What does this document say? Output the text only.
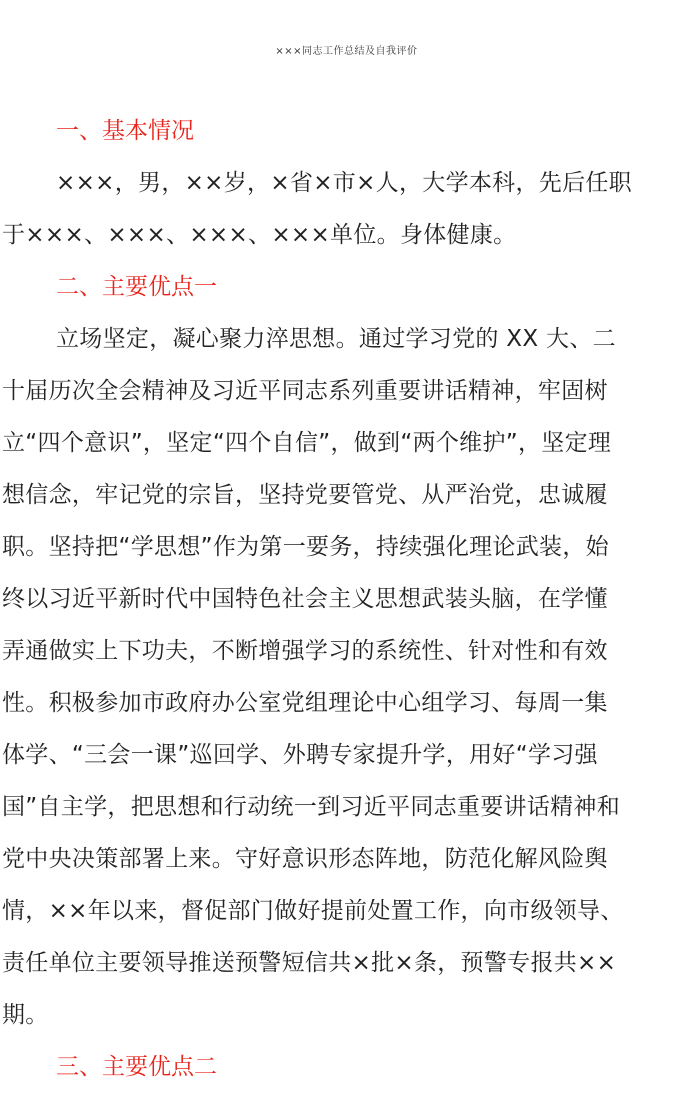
×××同志工作总结及自我评价
一、基本情况
×××，男，××岁，×省×市×人，大学本科，先后任职
于×××、×××、×××、×××单位。身体健康。
二、主要优点一
立场坚定，凝心聚力淬思想。通过学习党的 XX 大、二
十届历次全会精神及习近平同志系列重要讲话精神，牢固树
立“四个意识”，坚定“四个自信”，做到“两个维护”，坚定理
想信念，牢记党的宗旨，坚持党要管党、从严治党，忠诚履
职。坚持把“学思想”作为第一要务，持续强化理论武装，始
终以习近平新时代中国特色社会主义思想武装头脑，在学懂
弄通做实上下功夫，不断增强学习的系统性、针对性和有效
性。积极参加市政府办公室党组理论中心组学习、每周一集
体学、“三会一课”巡回学、外聘专家提升学，用好“学习强
国”自主学，把思想和行动统一到习近平同志重要讲话精神和
党中央决策部署上来。守好意识形态阵地，防范化解风险舆
情，××年以来，督促部门做好提前处置工作，向市级领导、
责任单位主要领导推送预警短信共×批×条，预警专报共××
期。
三、主要优点二
